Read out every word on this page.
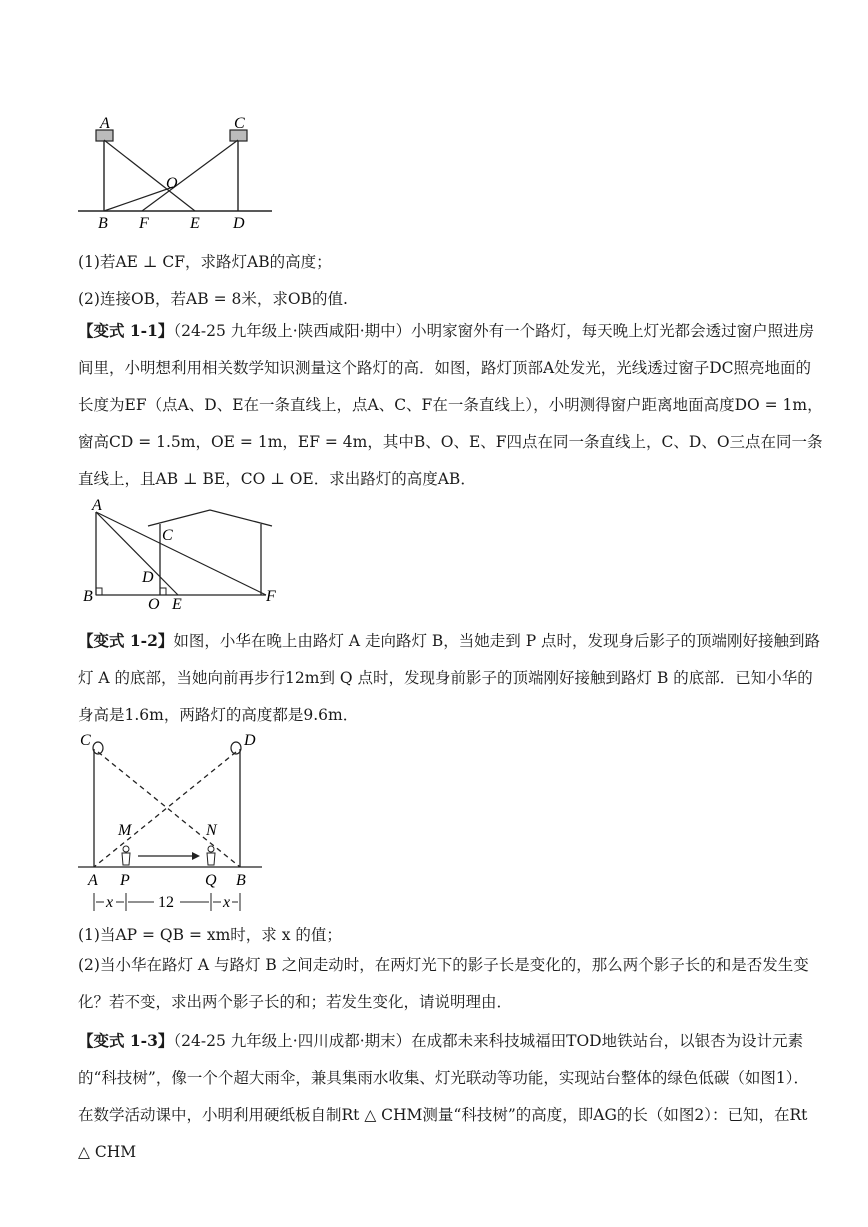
A	C
O
B F	E D

(1)若AE ⊥ CF，求路灯AB的高度；

(2)连接OB，若AB = 8米，求OB的值.

【变式 1-1】（24-25 九年级上·陕西咸阳·期中）小明家窗外有一个路灯，每天晚上灯光都会透过窗户照进房间里，小明想利用相关数学知识测量这个路灯的高．如图，路灯顶部A处发光，光线透过窗子DC照亮地面的长度为EF（点A、D、E在一条直线上，点A、C、F在一条直线上），小明测得窗户距离地面高度DO = 1m，窗高CD = 1.5m，OE = 1m，EF = 4m，其中B、O、E、F四点在同一条直线上，C、D、O三点在同一条直线上，且AB ⊥ BE，CO ⊥ OE．求出路灯的高度AB．

A
C
D
B	O E	F

【变式 1-2】如图，小华在晚上由路灯 A 走向路灯 B，当她走到 P 点时，发现身后影子的顶端刚好接触到路灯 A 的底部，当她向前再步行12m到 Q 点时，发现身前影子的顶端刚好接触到路灯 B 的底部．已知小华的身高是1.6m，两路灯的高度都是9.6m．

C	D
M	N
A P	Q B
x	12	x

(1)当AP = QB = xm时，求 x 的值；

(2)当小华在路灯 A 与路灯 B 之间走动时，在两灯光下的影子长是变化的，那么两个影子长的和是否发生变化？若不变，求出两个影子长的和；若发生变化，请说明理由．

【变式 1-3】（24-25 九年级上·四川成都·期末）在成都未来科技城福田TOD地铁站台，以银杏为设计元素的“科技树”，像一个个超大雨伞，兼具集雨水收集、灯光联动等功能，实现站台整体的绿色低碳（如图1）．在数学活动课中，小明利用硬纸板自制Rt △ CHM测量“科技树”的高度，即AG的长（如图2）：已知，在Rt △ CHM
